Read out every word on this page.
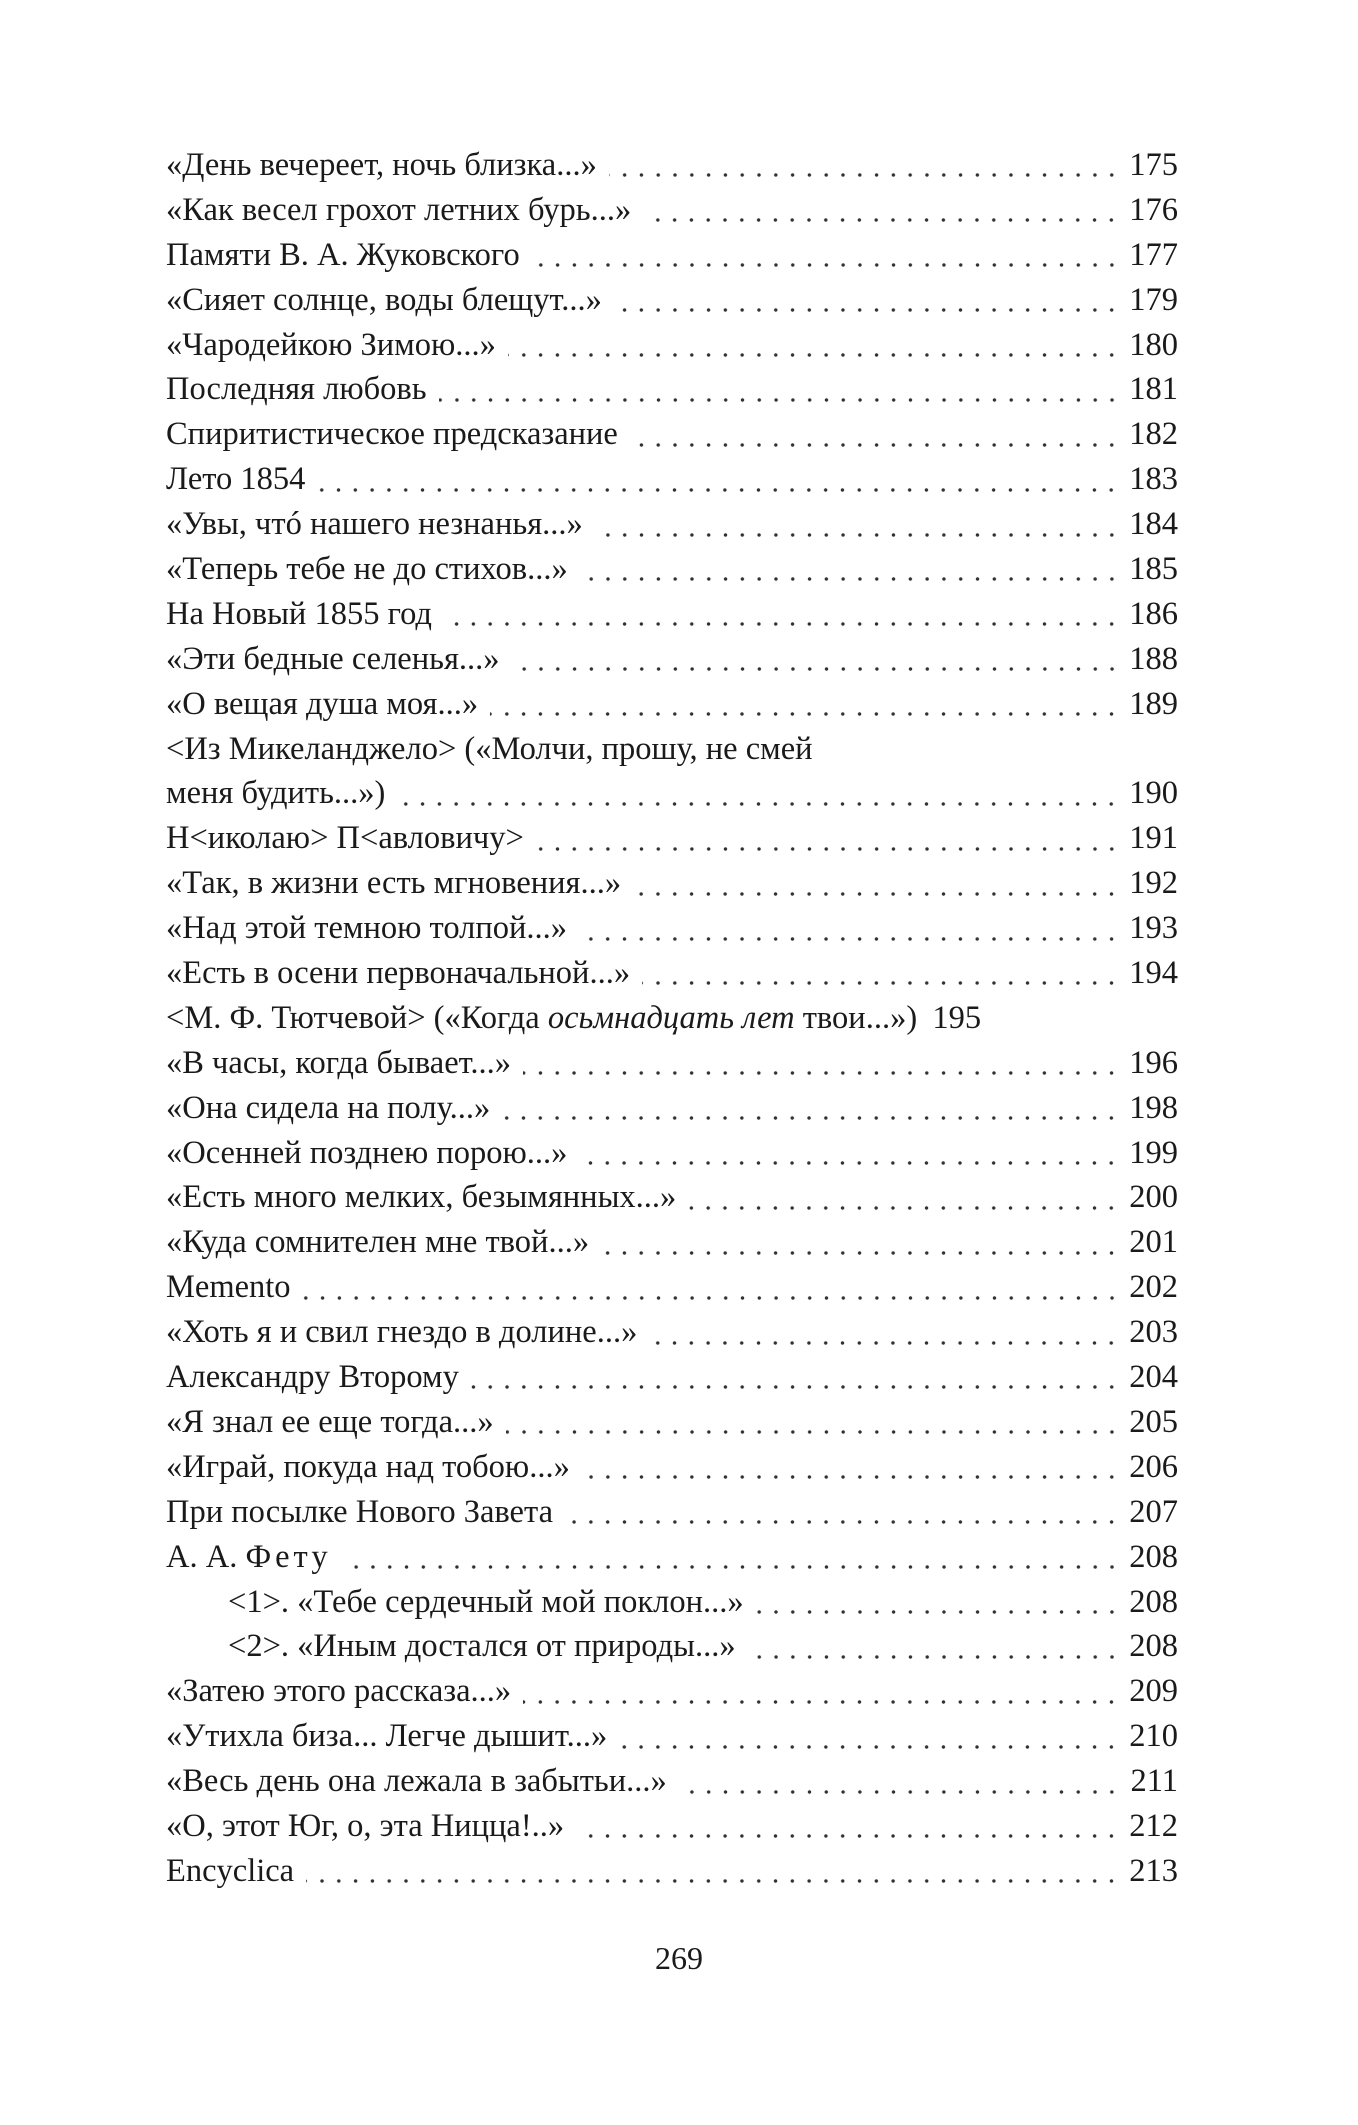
«День вечереет, ночь близка...»	175
«Как весел грохот летних бурь...»	176
Памяти В. А. Жуковского	177
«Сияет солнце, воды блещут...»	179
«Чародейкою Зимою...»	180
Последняя любовь	181
Спиритистическое предсказание	182
Лето 1854	183
«Увы, чтó нашего незнанья...»	184
«Теперь тебе не до стихов...»	185
На Новый 1855 год	186
«Эти бедные селенья...»	188
«О вещая душа моя...»	189
<Из Микеланджело> («Молчи, прошу, не смей
меня будить...»)	190
Н<иколаю> П<авловичу>	191
«Так, в жизни есть мгновения...»	192
«Над этой темною толпой...»	193
«Есть в осени первоначальной...»	194
<М. Ф. Тютчевой> («Когда осьмнадцать лет твои...») 195
«В часы, когда бывает...»	196
«Она сидела на полу...»	198
«Осенней позднею порою...»	199
«Есть много мелких, безымянных...»	200
«Куда сомнителен мне твой...»	201
Memento	202
«Хоть я и свил гнездо в долине...»	203
Александру Второму	204
«Я знал ее еще тогда...»	205
«Играй, покуда над тобою...»	206
При посылке Нового Завета	207
А. А. Фету	208
<1>. «Тебе сердечный мой поклон...»	208
<2>. «Иным достался от природы...»	208
«Затею этого рассказа...»	209
«Утихла биза... Легче дышит...»	210
«Весь день она лежала в забытьи...»	211
«О, этот Юг, о, эта Ницца!..»	212
Encyclica	213
269
